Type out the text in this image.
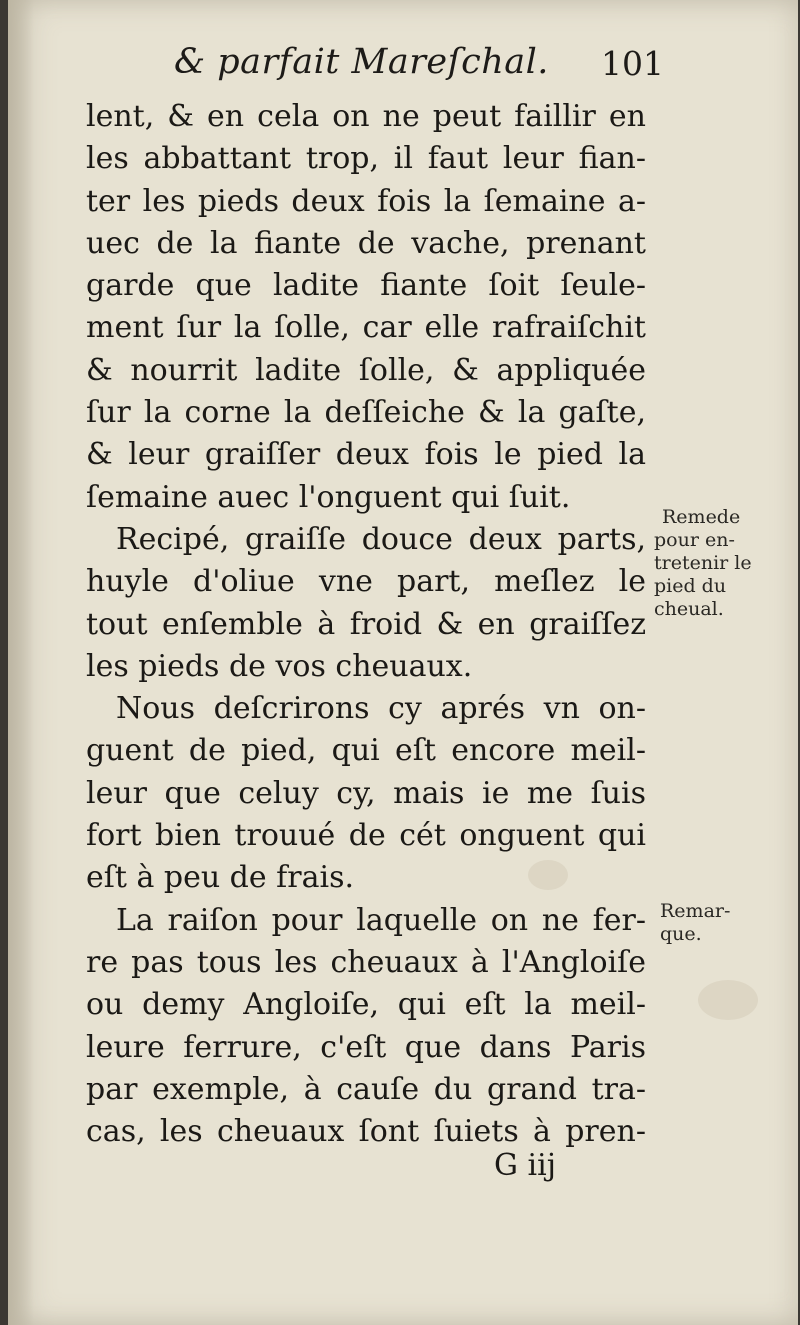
& parfait Mareſchal. 101
lent, & en cela on ne peut faillir en
les abbattant trop, il faut leur fian-
ter les pieds deux fois la ſemaine a-
uec de la fiante de vache, prenant
garde que ladite fiante ſoit ſeule-
ment ſur la ſolle, car elle rafraiſchit
& nourrit ladite ſolle, & appliquée
ſur la corne la deſſeiche & la gaſte,
& leur graiſſer deux fois le pied la
ſemaine auec l'onguent qui ſuit.
Recipé, graiſſe douce deux parts,
huyle d'oliue vne part, meſlez le
tout enſemble à froid & en graiſſez
les pieds de vos cheuaux.
Nous deſcrirons cy aprés vn on-
guent de pied, qui eſt encore meil-
leur que celuy cy, mais ie me ſuis
fort bien trouué de cét onguent qui
eſt à peu de frais.
La raiſon pour laquelle on ne fer-
re pas tous les cheuaux à l'Angloiſe
ou demy Angloiſe, qui eſt la meil-
leure ferrure, c'eſt que dans Paris
par exemple, à cauſe du grand tra-
cas, les cheuaux ſont ſuiets à pren-
Remede
pour en-
tretenir le
pied du
cheual.
Remar-
que.
G iij
